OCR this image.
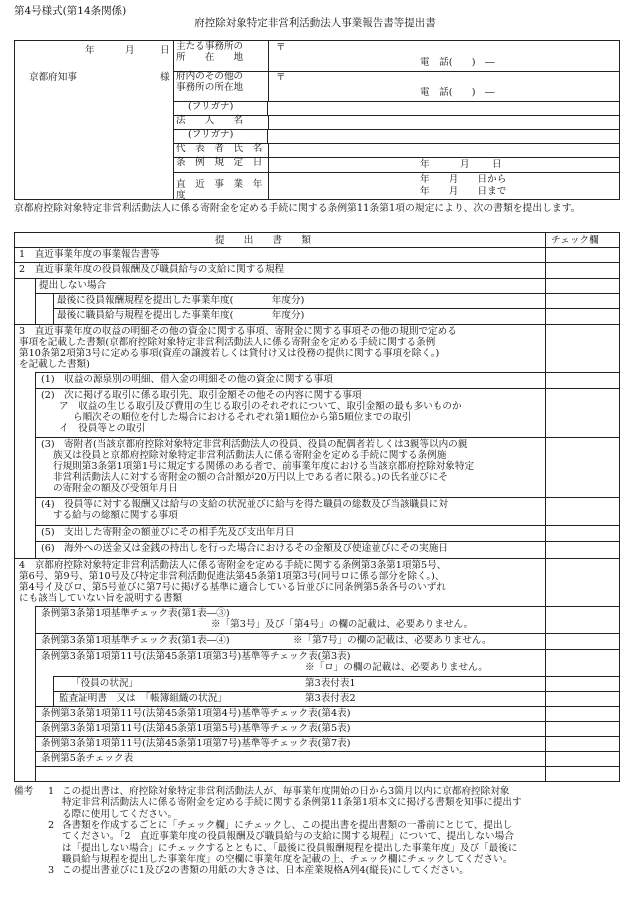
第4号様式(第14条関係)
府控除対象特定非営利活動法人事業報告書等提出書
年	月	日
京都府知事	様
主たる事務所の
所　　在　　地
〒
電　話(　　)　―
府内のその他の
事務所の所在地
〒
電　話(　　)　―
(フリガナ)
法　　人　　名
(フリガナ)
代　表　者　氏　名
条　例　規　定　日	年	月 日
直　近　事　業　年　度
年　　月　　日から
年　　月　　日まで
京都府控除対象特定非営利活動法人に係る寄附金を定める手続に関する条例第11条第1項の規定により、次の書類を提出します。
提　　出　　書　　類	チェック欄
1　直近事業年度の事業報告書等
2　直近事業年度の役員報酬及び職員給与の支給に関する規程
提出しない場合
最後に役員報酬規程を提出した事業年度(　　　　年度分)
最後に職員給与規程を提出した事業年度(　　　　年度分)
3　直近事業年度の収益の明細その他の資金に関する事項、寄附金に関する事項その他の規則で定める
事項を記載した書類(京都府控除対象特定非営利活動法人に係る寄附金を定める手続に関する条例
第10条第2項第3号に定める事項(資産の譲渡若しくは貸付け又は役務の提供に関する事項を除く。)
を記載した書類)
(1)　収益の源泉別の明細、借入金の明細その他の資金に関する事項
(2)　次に掲げる取引に係る取引先、取引金額その他その内容に関する事項
ア　収益の生じる取引及び費用の生じる取引のそれぞれについて、取引金額の最も多いものか
ら順次その順位を付した場合におけるそれぞれ第1順位から第5順位までの取引
イ　役員等との取引
(3)　寄附者(当該京都府控除対象特定非営利活動法人の役員、役員の配偶者若しくは3親等以内の親
族又は役員と京都府控除対象特定非営利活動法人に係る寄附金を定める手続に関する条例施
行規則第3条第1項第1号に規定する関係のある者で、前事業年度における当該京都府控除対象特定
非営利活動法人に対する寄附金の額の合計額が20万円以上である者に限る。)の氏名並びにそ
の寄附金の額及び受領年月日
(4)　役員等に対する報酬又は給与の支給の状況並びに給与を得た職員の総数及び当該職員に対
する給与の総額に関する事項
(5)　支出した寄附金の額並びにその相手先及び支出年月日
(6)　海外への送金又は金銭の持出しを行った場合におけるその金額及び使途並びにその実施日
4　京都府控除対象特定非営利活動法人に係る寄附金を定める手続に関する条例第3条第1項第5号、
第6号、第9号、第10号及び特定非営利活動促進法第45条第1項第3号(同号ロに係る部分を除く。)、
第4号イ及びロ、第5号並びに第7号に掲げる基準に適合している旨並びに同条例第5条各号のいずれ
にも該当していない旨を説明する書類
条例第3条第1項基準チェック表(第1表―③)
※「第3号」及び「第4号」の欄の記載は、必要ありません。
条例第3条第1項基準チェック表(第1表―④)	※「第7号」の欄の記載は、必要ありません。
条例第3条第1項第11号(法第45条第1項第3号)基準等チェック表(第3表)
※「ロ」の欄の記載は、必要ありません。
「役員の状況」	第3表付表1
監査証明書　又は　「帳簿組織の状況」	第3表付表2
条例第3条第1項第11号(法第45条第1項第4号)基準等チェック表(第4表)
条例第3条第1項第11号(法第45条第1項第5号)基準等チェック表(第5表)
条例第3条第1項第11号(法第45条第1項第7号)基準等チェック表(第7表)
条例第5条チェック表
備考 1 この提出書は、府控除対象特定非営利活動法人が、毎事業年度開始の日から3箇月以内に京都府控除対象
特定非営利活動法人に係る寄附金を定める手続に関する条例第11条第1項本文に掲げる書類を知事に提出す
る際に使用してください。
2 各書類を作成するごとに「チェック欄」にチェックし、この提出書を提出書類の一番前にとじて、提出し
てください。「2　直近事業年度の役員報酬及び職員給与の支給に関する規程」について、提出しない場合
は「提出しない場合」にチェックするとともに、「最後に役員報酬規程を提出した事業年度」及び「最後に
職員給与規程を提出した事業年度」の空欄に事業年度を記載の上、チェック欄にチェックしてください。
3 この提出書並びに1及び2の書類の用紙の大きさは、日本産業規格A列4(縦長)にしてください。
